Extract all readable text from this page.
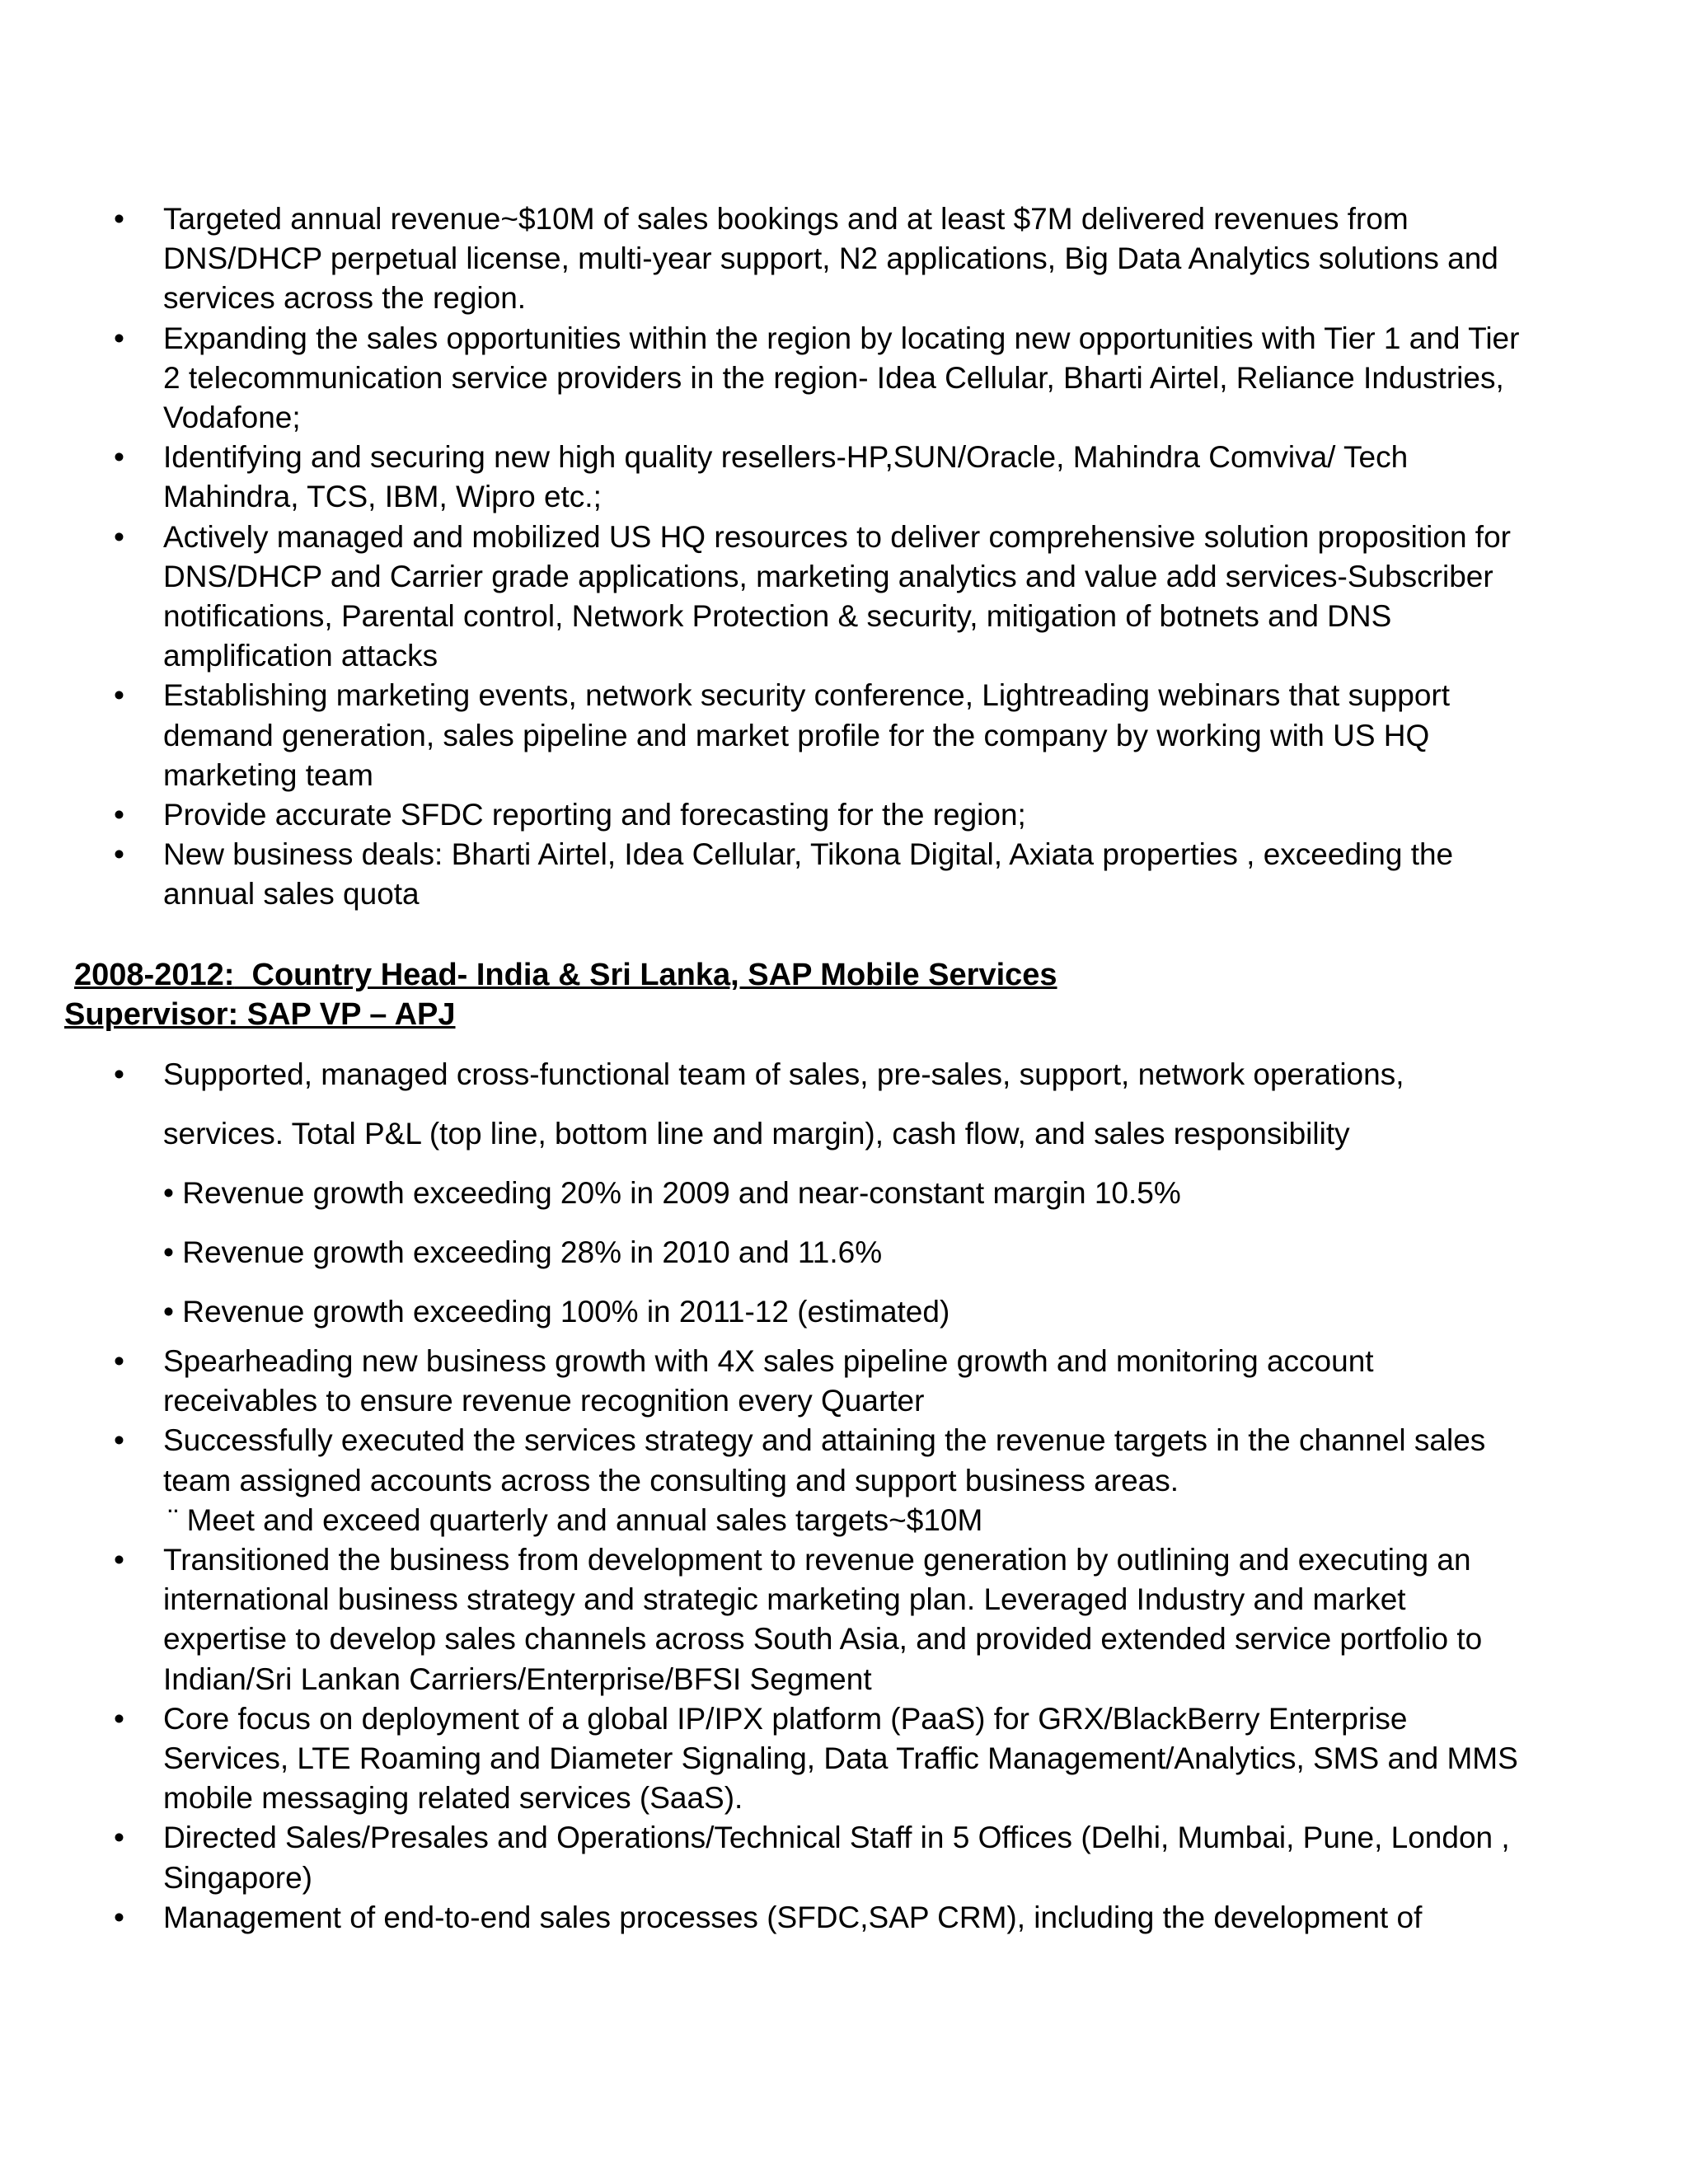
• Targeted annual revenue~$10M of sales bookings and at least $7M delivered revenues from DNS/DHCP perpetual license, multi-year support, N2 applications, Big Data Analytics solutions and services across the region.
• Expanding the sales opportunities within the region by locating new opportunities with Tier 1 and Tier 2 telecommunication service providers in the region- Idea Cellular, Bharti Airtel, Reliance Industries, Vodafone;
• Identifying and securing new high quality resellers-HP,SUN/Oracle, Mahindra Comviva/ Tech Mahindra, TCS, IBM, Wipro etc.;
• Actively managed and mobilized US HQ resources to deliver comprehensive solution proposition for DNS/DHCP and Carrier grade applications, marketing analytics and value add services-Subscriber notifications, Parental control, Network Protection & security, mitigation of botnets and DNS amplification attacks
• Establishing marketing events, network security conference, Lightreading webinars that support demand generation, sales pipeline and market profile for the company by working with US HQ marketing team
• Provide accurate SFDC reporting and forecasting for the region;
• New business deals: Bharti Airtel, Idea Cellular, Tikona Digital, Axiata properties , exceeding the annual sales quota
2008-2012: Country Head- India & Sri Lanka, SAP Mobile Services
Supervisor: SAP VP – APJ
• Supported, managed cross-functional team of sales, pre-sales, support, network operations,
services. Total P&L (top line, bottom line and margin), cash flow, and sales responsibility
• Revenue growth exceeding 20% in 2009 and near-constant margin 10.5%
• Revenue growth exceeding 28% in 2010 and 11.6%
• Revenue growth exceeding 100% in 2011-12 (estimated)
• Spearheading new business growth with 4X sales pipeline growth and monitoring account receivables to ensure revenue recognition every Quarter
• Successfully executed the services strategy and attaining the revenue targets in the channel sales team assigned accounts across the consulting and support business areas.
¨ Meet and exceed quarterly and annual sales targets~$10M
• Transitioned the business from development to revenue generation by outlining and executing an international business strategy and strategic marketing plan. Leveraged Industry and market expertise to develop sales channels across South Asia, and provided extended service portfolio to Indian/Sri Lankan Carriers/Enterprise/BFSI Segment
• Core focus on deployment of a global IP/IPX platform (PaaS) for GRX/BlackBerry Enterprise Services, LTE Roaming and Diameter Signaling, Data Traffic Management/Analytics, SMS and MMS mobile messaging related services (SaaS).
• Directed Sales/Presales and Operations/Technical Staff in 5 Offices (Delhi, Mumbai, Pune, London , Singapore)
• Management of end-to-end sales processes (SFDC,SAP CRM), including the development of
